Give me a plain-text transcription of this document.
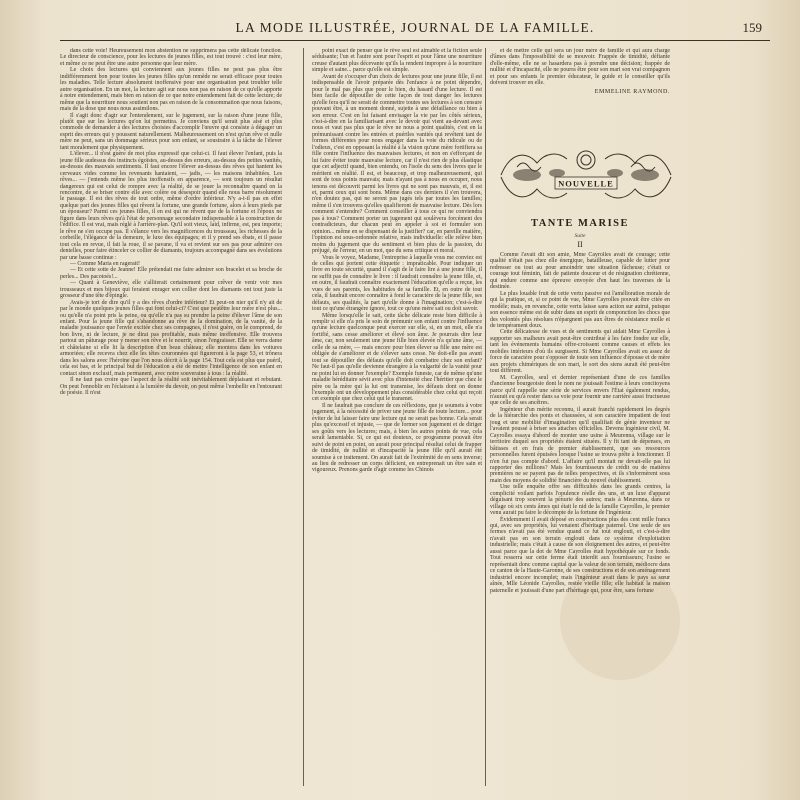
LA MODE ILLUSTRÉE, JOURNAL DE LA FAMILLE.	159

dans cette voie! Heureusement mon abstention ne supprimera pas cette délicate fonction. Le directeur de conscience, pour les lectures de jeunes filles, est tout trouvé : c'est leur mère, et même ce ne peut être une autre personne que leur mère.

Le choix des lectures qui conviennent aux jeunes filles ne peut pas plus être indifféremment bon pour toutes les jeunes filles qu'un remède ne serait efficace pour toutes les maladies. Telle lecture absolument inoffensive pour une organisation peut troubler telle autre organisation. En un mot, la lecture agit sur nous non pas en raison de ce qu'elle apporte à notre entendement, mais bien en raison de ce que notre entendement fait de cette lecture; de même que la nourriture nous soutient non pas en raison de la consommation que nous faisons, mais de la dose que nous nous assimilons.

Il s'agit donc d'agir sur l'entendement, sur le jugement, sur la raison d'une jeune fille, plutôt que sur les lectures qu'on lui permettra. Je conviens qu'il serait plus aisé et plus commode de demander à des lectures choisies d'accomplir l'œuvre qui consiste à dégager un esprit des erreurs qui y poussent naturellement. Malheureusement on n'est qu'un rêve et nulle mère ne peut, sans un dommage sérieux pour son enfant, se soustraire à la tâche de l'élever tant moralement que physiquement.

L'élever... il n'est guère de mot plus expressif que celui-ci. Il faut élever l'enfant, puis la jeune fille audessus des instincts égoïstes, au-dessus des erreurs, au-dessus des petites vanités, au-dessus des mauvais sentiments. Il faut encore l'élever au-dessus des rêves qui hantent les cerveaux vides comme les revenants hantaient, — jadis, — les maisons inhabitées. Les rêves... — j'entends même les plus inoffensifs en apparence, — sont toujours un résultat dangereux qui est celui de rompre avec la réalité, de se jouer la reconnaître quand on la rencontre, de se briser contre elle avec colère ou désespoir quand elle nous barre résolument le passage. Il est des rêves de tout ordre, même d'ordre inférieur. N'y a-t-il pas en effet quelque part des jeunes filles qui rêvent la fortune, une grande fortune, alors à leurs pieds par un épouseur? Parmi ces jeunes filles, il en est qui ne rêvent que de la fortune et l'époux ne figure dans leurs rêves qu'à l'état de personnage secondaire indispensable à la construction de l'édifice. Il est vrai, mais réglé à l'arrière-plan. Qu'il soit vieux, laid, infirme, est, peu importe; le rêve ne s'en occupe pas. Il s'élance vers les magnificences du trousseau, les richesses de la corbeille, l'élégance de la demeure, le luxe des équipages; et il y prend ses ébats, et il passe tout cela en revue, il fait la roue, il se pavane, il va et revient sur ses pas pour admirer ces dentelles, pour faire étinceler ce collier de diamants, toujours accompagné dans ses évolutions par une basse continue :

— Comme Maria en ragerait!

— Et cette sotte de Jeanne! Elle prétendait me faire admirer son bracelet et sa broche de perles... Des pacotoés!...

— Quant à Geneviève, elle s'alliterait certainement pour crêver de venir voir mes trousseaux et mes bijoux qui feraient enrager son collier dont les diamants ont tout juste la grosseur d'une tête d'épingle.

Avais-je tort de dire qu'il y a des rêves d'ordre inférieur? Et peut-on nier qu'il n'y ait de par le monde quelques jeunes filles qui font celui-ci? C'est que peutêtre leur mère n'est plus... ou qu'elle n'a point pris la peine, ou qu'elle n'a pas su prendre la peine d'élever l'âme de son enfant. Pour la jeune fille qui s'abandonne au rêve de la domination, de la vanité, de la maladie jouissance que l'envie excitée chez ses compagnes, il n'est guère, on le comprend, de bon livre, ni de lecture, je ne dirai pas profitable, mais même inoffensive. Elle trouvera partout un pâturage pour y mener son rêve et le nourrir, sinon l'engraisser. Elle se verra dame et châtelaine si elle lit la description d'un beau château; elle montera dans les voitures armoriées; elle recevra chez elle les têtes couronnées qui figureront à la page 53, et trônera dans les salons avec l'héroïne que l'on nous décrit à la page 154. Tout cela est plus que puéril, cela est bas, et le principal but de l'éducation a été de mettre l'intelligence de son enfant en contact sinon exclusif, mais permanent, avec notre souveraine à tous : la réalité.

Il ne faut pas croire que l'aspect de la réalité soit inévitablement déplaisant et rebutant. On peut l'ennoblir en l'éclairant à la lumière du devoir, on peut même l'embellir en l'entourant de poésie. Il n'est

point exact de penser que le rêve seul est aimable et la fiction seule séduisante; l'un et l'autre sont pour l'esprit et pour l'âme une nourriture creuse d'autant plus décevante qu'ils la rendent impropre à la nourriture simple et saine... parce qu'elle est simple.

Avant de s'occuper d'un choix de lectures pour une jeune fille, il est indispensable de l'avoir préparée dès l'enfance à ne point dépendre, pour le mal pas plus que pour le bien, du hasard d'une lecture. Il est bien facile de dépouiller de cette façon de tout danger les lectures qu'elle fera qu'il ne serait de commettre toutes ses lectures à son censure pouvant être, à un moment donné, sujette à une défaillance ou bien à son erreur. C'est en lui faisant envisager la vie par les côtés sérieux, c'est-à-dire en la familiarisant avec le devoir qui vient au-devant avec nous et vaut pas plus que le rêve ne nous a point qualités, c'est en la prémunissant contre les entrées et puériles vanités qui revêtent tant de formes différentes pour nous engager dans la voie du ridicule ou de l'odieux, c'est en opposant la réalité à la vision qu'une mère fortifiera sa fille contre l'influence des mauvaises lectures, et non en s'efforçant de lui faire éviter toute mauvaise lecture, car il n'est rien de plus élastique que cet adjectif quand, bien entendu, on l'isole du sens des livres que le méritent en réalité. Il est, et beaucoup, et trop malheureusement, qui sont de tous points mauvais; mais n'ayant pas à nous en occuper, nous tenons est découvrit parmi les livres qui ne sont pas mauvais, et, il est et, parmi ceux qui sont bons. Même dans ces derniers il s'en trouvera, n'en doutez pas, qui ne seront pas jugés tels par toutes les familles; même il s'en trouvera qu'elles qualifieront de mauvaise lecture. Dès lors comment s'entendre? Comment conseiller à tous ce qui ne conviendra pas à tous? Comment porter un jugement qui soulèvera forcément des contradicteurs, dur chacun peut en appeler à soi et formuler son opinion... même en se dispensant de la justifier? car, en pareille matière, l'opinion est sous-ordonnée relative, mais individuelle: elle relève bien moins du jugement que du sentiment et bien plus de la passion, du préjugé, de l'erreur, en un mot, que du sens critique et moral.

Vous le voyez, Madame, l'entreprise à laquelle vous me conviez est de celles qui portent cette étiquette : impraticable. Pour indiquer un livre en toute sécurité, quand il s'agit de le faire lire à une jeune fille, il ne suffit pas de connaître le livre : il faudrait connaître la jeune fille, et, en outre, il faudrait connaître exactement l'éducation qu'elle a reçue, les vues de ses parents, les habitudes de sa famille. Et, en outre de tout cela, il faudrait encore connaître à fond le caractère de la jeune fille, ses défauts, ses qualités, la part qu'elle donne à l'imagination; c'est-à-dire tout ce qu'une étrangère ignore, tout ce qu'une mère sait ou doit savoir.

Même lorsqu'elle le sait, cette tâche délicate reste bien difficile à remplir si elle n'a pris le soin de prémunir son enfant contre l'influence qu'une lecture quelconque peut exercer sur elle, si, en un mot, elle n'a fortifié, sans cesse améliorer et élevé son âme. Je pourrais dire leur âme, car, non seulement une jeune fille bien élevée n'a qu'une âme, — celle de sa mère, — mais encore pour bien élever sa fille une mère est obligée de s'améliorer et de s'élever sans cesse. Ne doit-elle pas avant tout se dépouiller des défauts qu'elle doit combattre chez son enfant? Ne faut-il pas qu'elle devienne étrangère à la vulgarité de la vanité pour ne point lui en donner l'exemple? Exemple funeste, car de même qu'une maladie héréditaire sévit avec plus d'intensité chez l'héritier que chez le père ou la mère qui la lui ont transmise, les défauts dont on donne l'exemple ont un développement plus considérable chez celui qui reçoit cet exemple que chez celui qui le transmet.

Il ne faudrait pas conclure de ces réflexions, que je soumets à votre jugement, à la nécessité de priver une jeune fille de toute lecture... pour éviter de lui laisser faire une lecture qui ne serait pas bonne. Cela serait plus qu'excessif et injuste, — que de former son jugement et de diriger ses goûts vers les lectures; mais, à bien les autres points de vue, cela serait lamentable. Si, ce qui est douteux, ce programme pouvait être suivi de point en point, on aurait pour principal résultat celui de frapper de timidité, de nullité et d'incapacité la jeune fille qu'il aurait été soumise à ce traitement. On aurait fait de l'extrémité de en sens inverse; au lieu de redresser un corps déficient, en entreprenait un être sain et vigoureux. Prenons garde d'agir comme les Chinois

et de mettre celle qui sera un jour mère de famille et qui aura charge d'âmes dans l'impossibilité de se mouvoir. Frappée de timidité, défiante d'elle-même, elle ne se hasardera pas à prendre une décision; frappée de nullité et d'incapacité, elle ne pourra être pour son mari son vrai compagnon et pour ses enfants le premier éducateur, le guide et le conseiller qu'ils doivent trouver en elle.

EMMELINE RAYMOND.
NOUVELLE
TANTE MARISE
Suite
II

Comme l'avait dit son amie, Mme Cayrolles avait de courage; cette qualité n'était pas chez elle énergique, batailleuse, capable de lutter pour redresser ou tout au pour amoindrir une situation fâcheuse; c'était ce courage tout féminin, fait de patiente douceur et de résignation chrétienne, qui endure comme une épreuve envoyée d'en haut les traverses de la destinée.

Le plus louable fruit de cette vertu passive est l'amélioration morale de qui la pratique, et, si ce point de vue, Mme Cayrolles pouvait être citée en modèle; mais, en revanche, cette vertu laisse sans action sur autrui, puisque son essence même est de subir dans un esprit de componction les chocs que des volontés plus résolues n'épargnent pas aux êtres de résistance molle et de tempérament doux.

Cette délicatesse de vues et de sentiments qui aidait Mme Cayrolles à supporter ses malheurs avait peut-être contribué à les faire fondre sur elle, tant les événements humains offre-croissent comme causes et effets les mobiles intérieurs d'où ils surgissent. Si Mme Cayrolles avait eu assez de force de caractère pour s'opposer de toute son influence d'épouse et de mère aux projets chimériques de son mari, le sort des siens aurait été peut-être tout différent.

M. Cayrolles, seul et dernier représentant d'une de ces familles d'ancienne bourgeoisie dont le nom ne jouissait l'estime à leurs concitoyens parce qu'il rappelle une série de services envers l'État également rendus, n'aurait eu qu'à rester dans sa voie pour fournir une carrière aussi fructueuse que celle de ses ancêtres.

Ingénieur d'un mérite reconnu, il aurait franchi rapidement les degrés de la hiérarchie des ponts et chaussées, si son caractère impatient de tout joug et une mobilité d'imagination qu'il qualifiait de génie inventeur ne l'avaient poussé à briser ses attaches officielles. Devenu ingénieur civil, M. Cayrolles essaya d'abord de monter une usine à Meurenna, village sur le territoire duquel ses propriétés étaient situées. Il y fit tant de dépenses, en bâtisses et en frais de premier établissement, que ses ressources personnelles furent épuisées lorsque l'usine se trouva prête à fonctionner. Il n'en fut pas compte d'abord. L'affaire qu'il montait ne devait-elle pas lui rapporter des millions? Mais les fournisseurs de crédit ou de matières premières ne se payent pas de telles perspectives, et ils s'informèrent sous main des moyens de solidité financière du nouvel établissement.

Une telle enquête offre ses difficultés dans les grands centres, la complicité voilant parfois l'opulence réelle des uns, et un luxe d'apparat déguisant trop souvent la pénurie des autres; mais à Meurenna, dans ce village où six cents âmes qui était le nid de la famille Cayrolles, le premier venu aurait pu faire le décompte de la fortune de l'ingénieur.

Évidemment il avait déposé en constructions plus des cent mille francs qui, avec ses propriétés, lui venaient d'héritage paternel. Une seule de ses fermes n'avait pas été vendue quand ce fut tout englouti, et c'est-à-dire n'avait pas en son terrain englouti dans ce système d'exploitation industrielle; mais c'était à cause de son éloignement des autres, et peut-être aussi parce que la dot de Mme Cayrolles était hypothéquée sur ce fonds. Tout resserra sur cette ferme était interdit aux fournisseurs; l'usine se représentait donc comme capital que la valeur de son terrain, médiocre dans ce canton de la Haute-Garonne, de ses constructions et de son aménagement industriel encore incomplet; mais l'ingénieur avait dans le pays sa sœur aînée, Mlle Léonide Cayrolles, restée vieille fille; elle habitait la maison paternelle et jouissait d'une part d'héritage qui, pour être, sans fortune
